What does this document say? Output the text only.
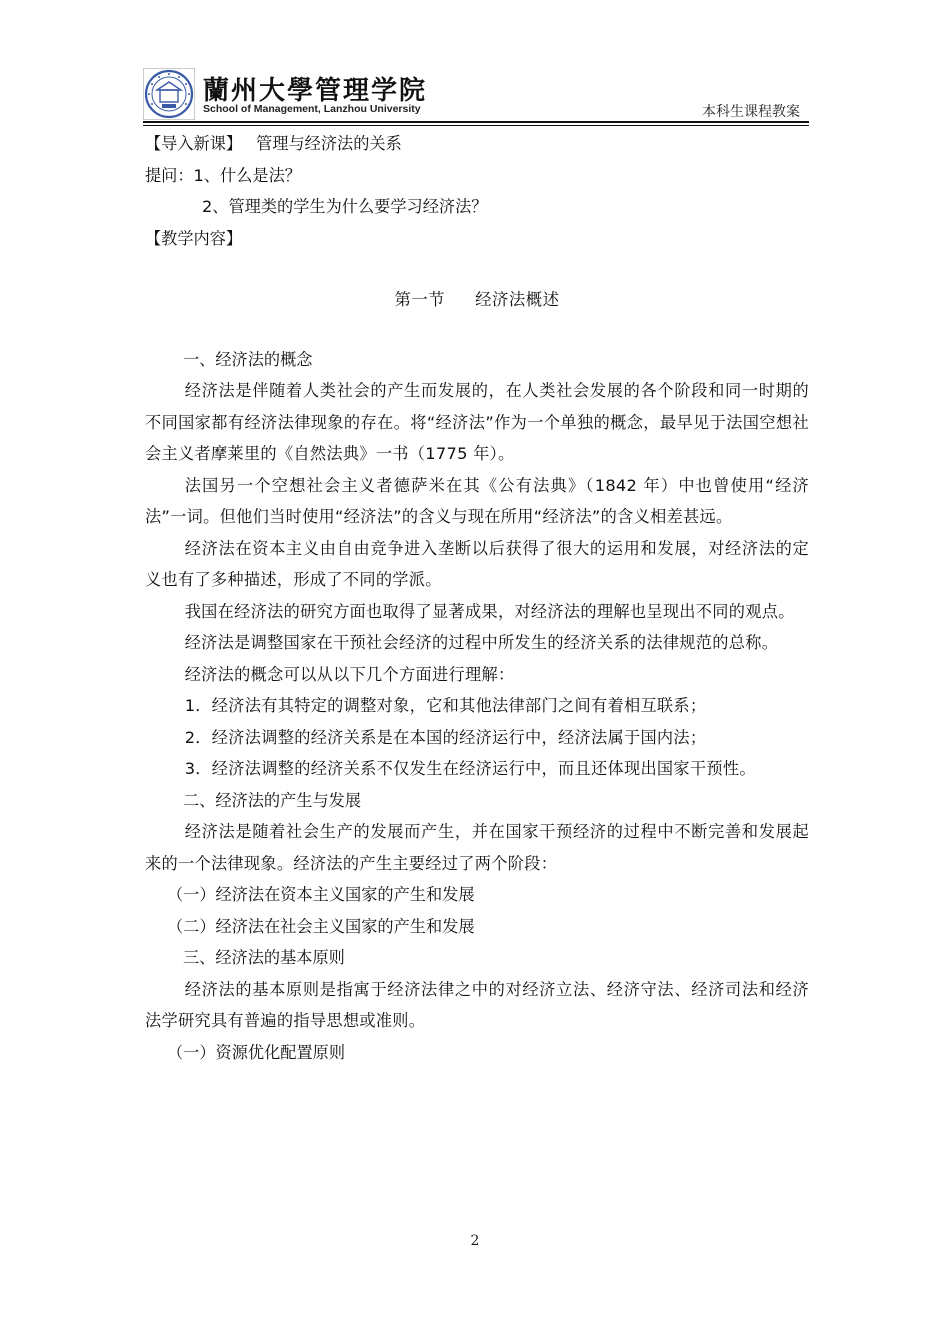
蘭州大學管理学院
School of Management, Lanzhou University	本科生课程教案
【导入新课】 管理与经济法的关系
提问：1、什么是法？
2、管理类的学生为什么要学习经济法？
【教学内容】
第一节 经济法概述
一、经济法的概念

经济法是伴随着人类社会的产生而发展的，在人类社会发展的各个阶段和同一时期的不同国家都有经济法律现象的存在。将“经济法”作为一个单独的概念，最早见于法国空想社会主义者摩莱里的《自然法典》一书（1775 年）。

法国另一个空想社会主义者德萨米在其《公有法典》（1842 年）中也曾使用“经济法”一词。但他们当时使用“经济法”的含义与现在所用“经济法”的含义相差甚远。

经济法在资本主义由自由竞争进入垄断以后获得了很大的运用和发展，对经济法的定义也有了多种描述，形成了不同的学派。

我国在经济法的研究方面也取得了显著成果，对经济法的理解也呈现出不同的观点。

经济法是调整国家在干预社会经济的过程中所发生的经济关系的法律规范的总称。

经济法的概念可以从以下几个方面进行理解：

1．经济法有其特定的调整对象，它和其他法律部门之间有着相互联系；

2．经济法调整的经济关系是在本国的经济运行中，经济法属于国内法；

3．经济法调整的经济关系不仅发生在经济运行中，而且还体现出国家干预性。

二、经济法的产生与发展

经济法是随着社会生产的发展而产生，并在国家干预经济的过程中不断完善和发展起来的一个法律现象。经济法的产生主要经过了两个阶段：

（一）经济法在资本主义国家的产生和发展
（二）经济法在社会主义国家的产生和发展
三、经济法的基本原则

经济法的基本原则是指寓于经济法律之中的对经济立法、经济守法、经济司法和经济法学研究具有普遍的指导思想或准则。

（一）资源优化配置原则
2
